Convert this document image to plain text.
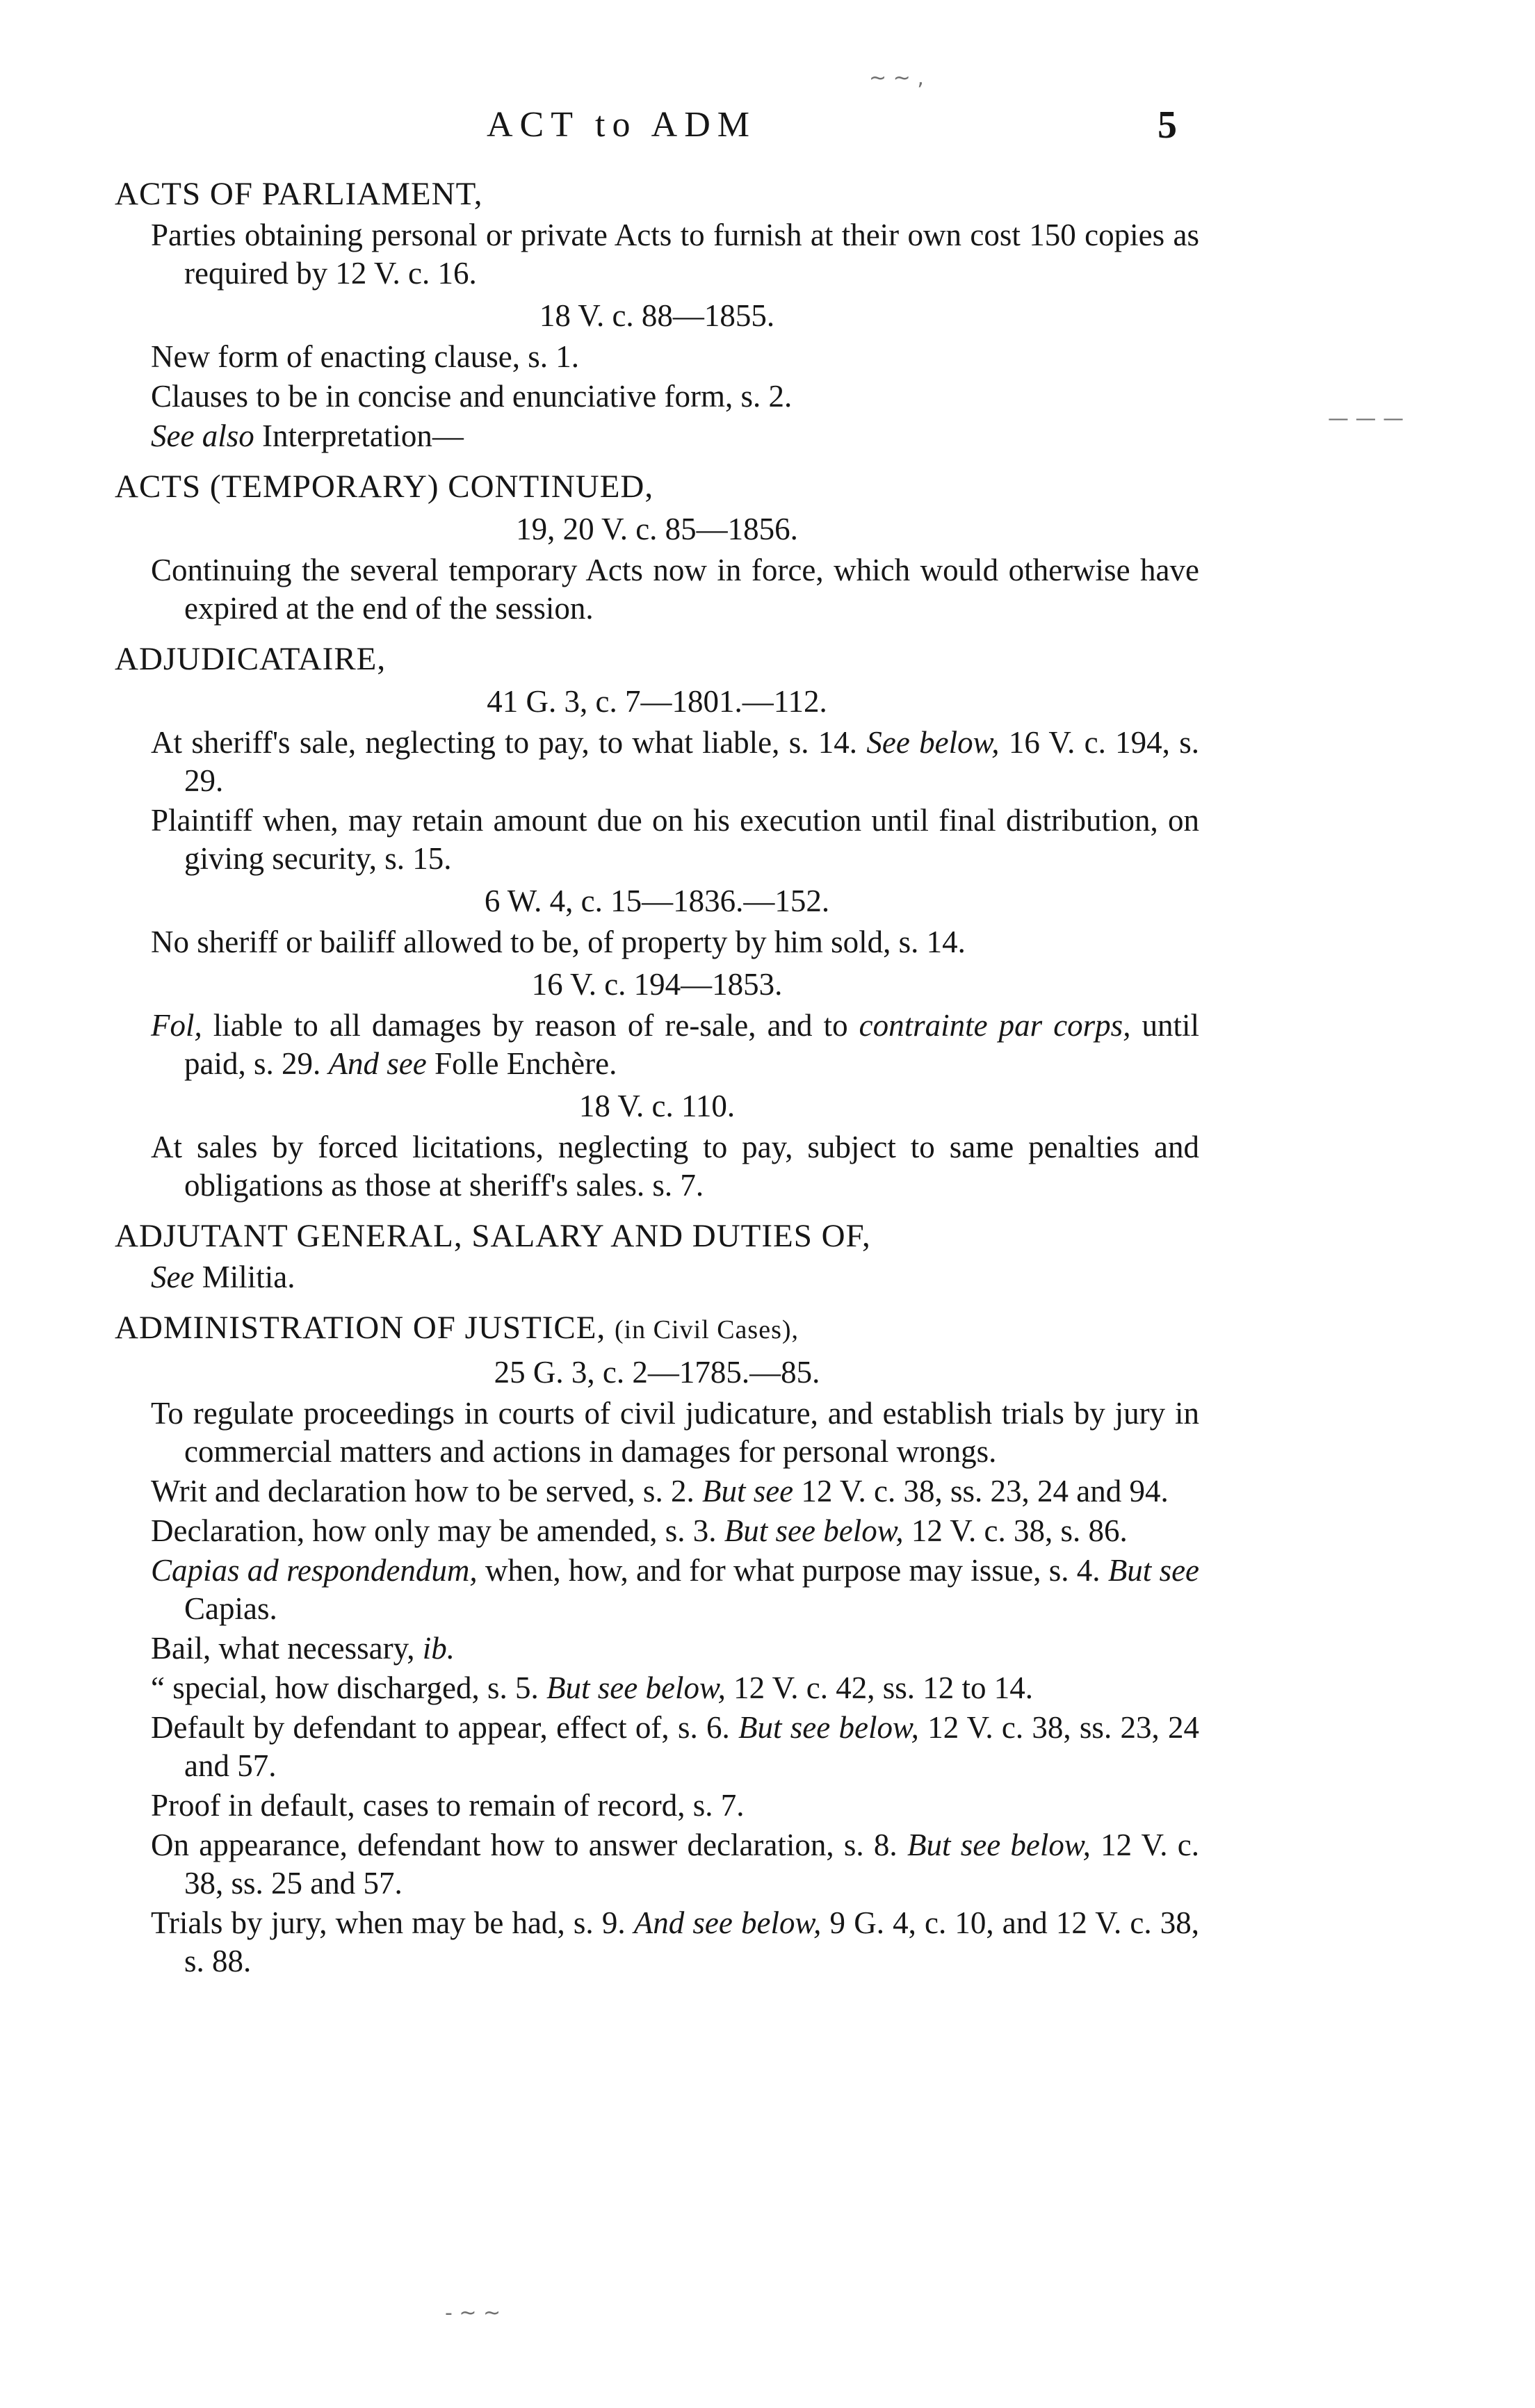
ACT to ADM	5
ACTS OF PARLIAMENT,
Parties obtaining personal or private Acts to furnish at their own cost 150 copies as required by 12 V. c. 16.
18 V. c. 88—1855.
New form of enacting clause, s. 1.
Clauses to be in concise and enunciative form, s. 2.
See also Interpretation—
ACTS (TEMPORARY) CONTINUED,
19, 20 V. c. 85—1856.
Continuing the several temporary Acts now in force, which would otherwise have expired at the end of the session.
ADJUDICATAIRE,
41 G. 3, c. 7—1801.—112.
At sheriff's sale, neglecting to pay, to what liable, s. 14. See below, 16 V. c. 194, s. 29.
Plaintiff when, may retain amount due on his execution until final distribution, on giving security, s. 15.
6 W. 4, c. 15—1836.—152.
No sheriff or bailiff allowed to be, of property by him sold, s. 14.
16 V. c. 194—1853.
Fol, liable to all damages by reason of re-sale, and to contrainte par corps, until paid, s. 29. And see Folle Enchère.
18 V. c. 110.
At sales by forced licitations, neglecting to pay, subject to same penalties and obligations as those at sheriff's sales. s. 7.
ADJUTANT GENERAL, SALARY AND DUTIES OF,
See Militia.
ADMINISTRATION OF JUSTICE, (in Civil Cases),
25 G. 3, c. 2—1785.—85.
To regulate proceedings in courts of civil judicature, and establish trials by jury in commercial matters and actions in damages for personal wrongs.
Writ and declaration how to be served, s. 2. But see 12 V. c. 38, ss. 23, 24 and 94.
Declaration, how only may be amended, s. 3. But see below, 12 V. c. 38, s. 86.
Capias ad respondendum, when, how, and for what purpose may issue, s. 4. But see Capias.
Bail, what necessary, ib.
“ special, how discharged, s. 5. But see below, 12 V. c. 42, ss. 12 to 14.
Default by defendant to appear, effect of, s. 6. But see below, 12 V. c. 38, ss. 23, 24 and 57.
Proof in default, cases to remain of record, s. 7.
On appearance, defendant how to answer declaration, s. 8. But see below, 12 V. c. 38, ss. 25 and 57.
Trials by jury, when may be had, s. 9. And see below, 9 G. 4, c. 10, and 12 V. c. 38, s. 88.
~ ~ ,
— — —
- ~ ~
